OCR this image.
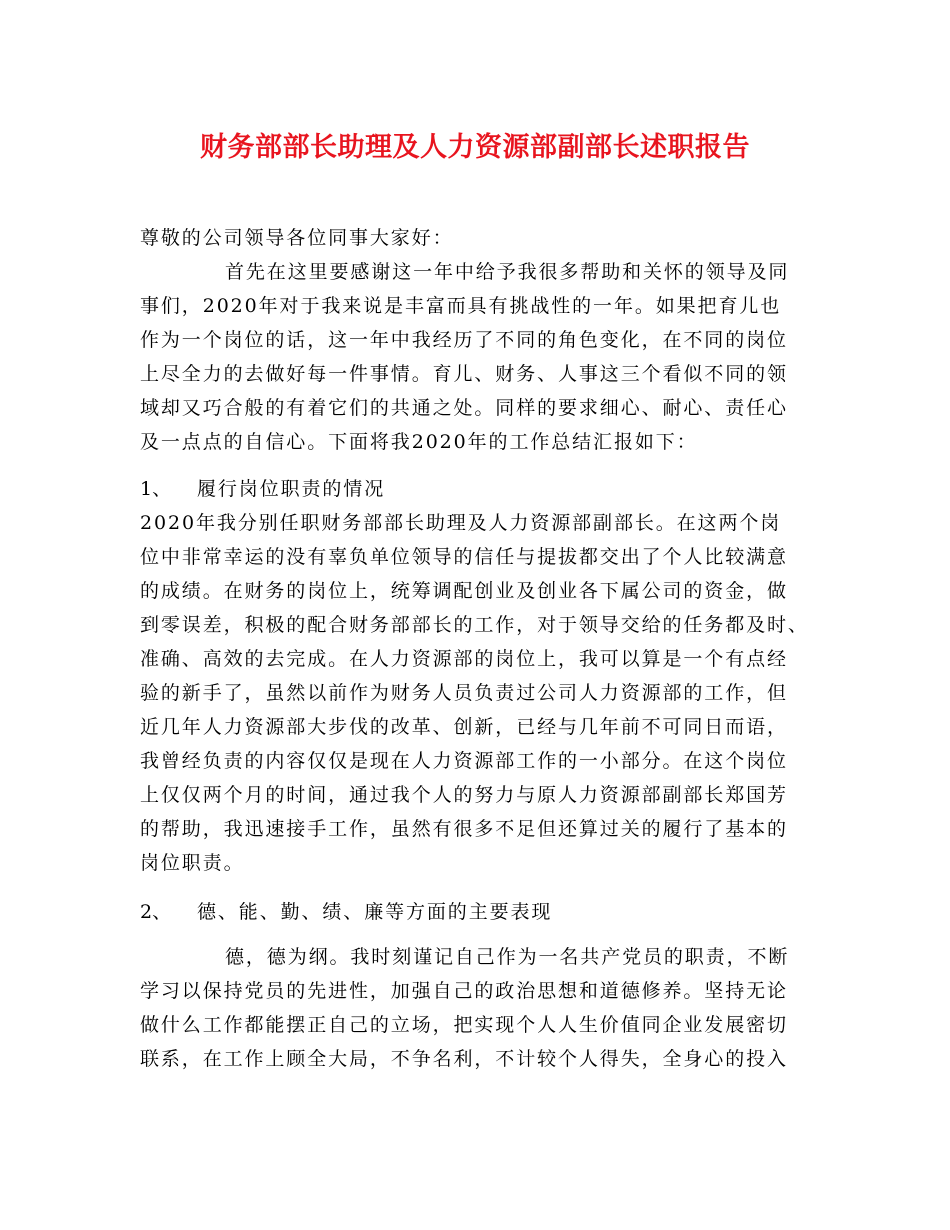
财务部部长助理及人力资源部副部长述职报告
尊敬的公司领导各位同事大家好：
首先在这里要感谢这一年中给予我很多帮助和关怀的领导及同
事们，2020年对于我来说是丰富而具有挑战性的一年。如果把育儿也
作为一个岗位的话，这一年中我经历了不同的角色变化，在不同的岗位
上尽全力的去做好每一件事情。育儿、财务、人事这三个看似不同的领
域却又巧合般的有着它们的共通之处。同样的要求细心、耐心、责任心
及一点点的自信心。下面将我2020年的工作总结汇报如下：
1、 履行岗位职责的情况
2020年我分别任职财务部部长助理及人力资源部副部长。在这两个岗
位中非常幸运的没有辜负单位领导的信任与提拔都交出了个人比较满意
的成绩。在财务的岗位上，统筹调配创业及创业各下属公司的资金，做
到零误差，积极的配合财务部部长的工作，对于领导交给的任务都及时、
准确、高效的去完成。在人力资源部的岗位上，我可以算是一个有点经
验的新手了，虽然以前作为财务人员负责过公司人力资源部的工作，但
近几年人力资源部大步伐的改革、创新，已经与几年前不可同日而语，
我曾经负责的内容仅仅是现在人力资源部工作的一小部分。在这个岗位
上仅仅两个月的时间，通过我个人的努力与原人力资源部副部长郑国芳
的帮助，我迅速接手工作，虽然有很多不足但还算过关的履行了基本的
岗位职责。
2、 德、能、勤、绩、廉等方面的主要表现
德，德为纲。我时刻谨记自己作为一名共产党员的职责，不断
学习以保持党员的先进性，加强自己的政治思想和道德修养。坚持无论
做什么工作都能摆正自己的立场，把实现个人人生价值同企业发展密切
联系，在工作上顾全大局，不争名利，不计较个人得失，全身心的投入
